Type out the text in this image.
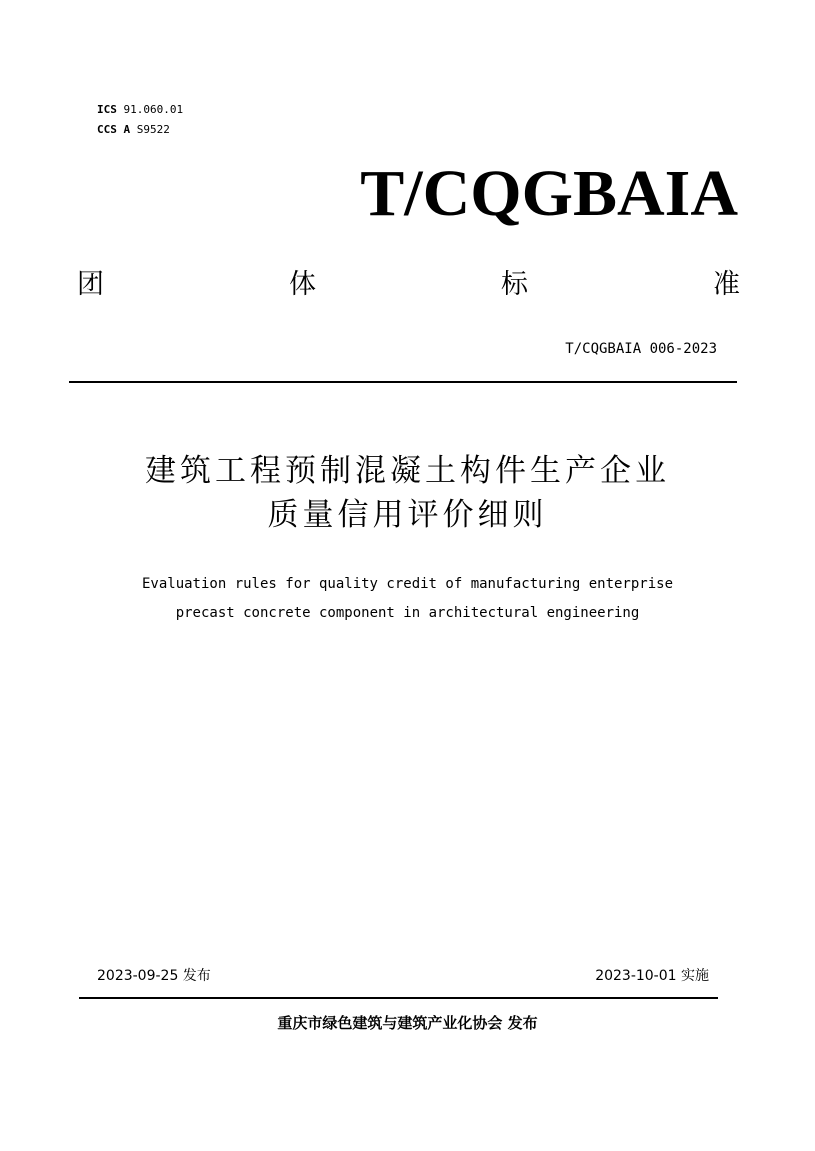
ICS 91.060.01
CCS A S9522
T/CQGBAIA
团	体	标	准
T/CQGBAIA 006-2023
建筑工程预制混凝土构件生产企业
质量信用评价细则
Evaluation rules for quality credit of manufacturing enterprise
precast concrete component in architectural engineering
2023-09-25 发布	2023-10-01 实施
重庆市绿色建筑与建筑产业化协会 发布
